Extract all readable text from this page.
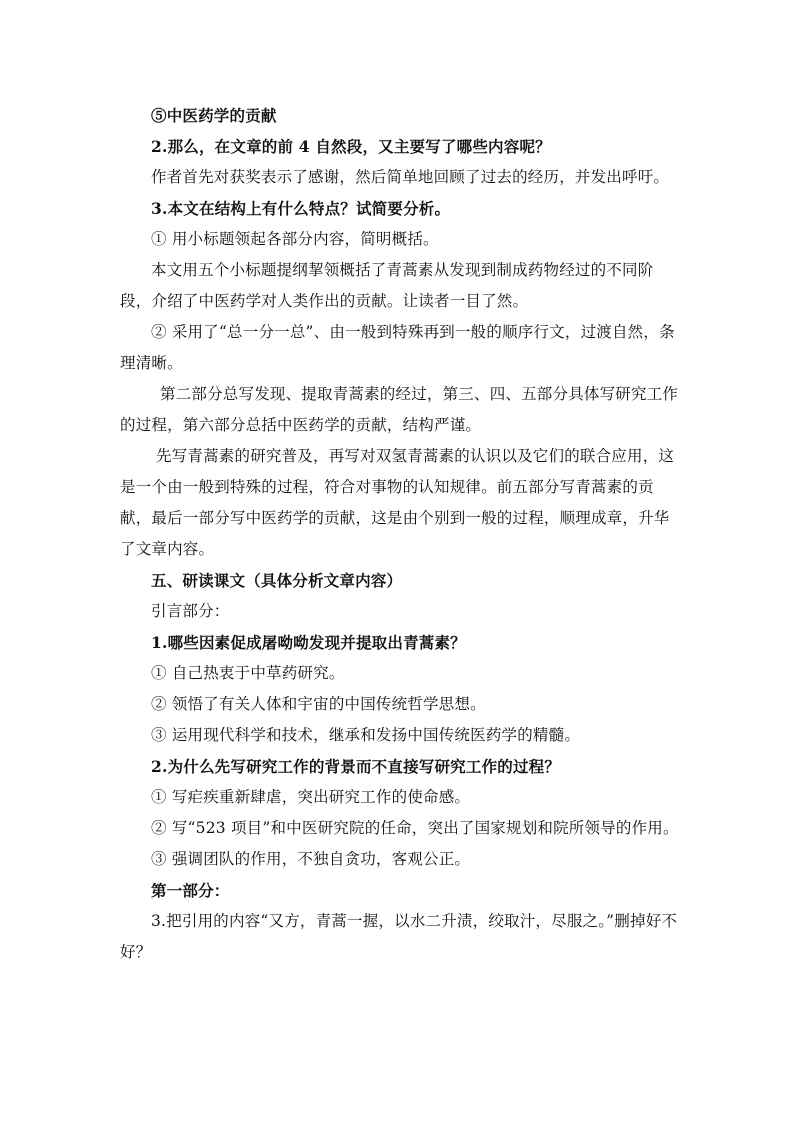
⑤中医药学的贡献

2.那么，在文章的前 4 自然段，又主要写了哪些内容呢？

作者首先对获奖表示了感谢，然后简单地回顾了过去的经历，并发出呼吁。

3.本文在结构上有什么特点？试简要分析。

① 用小标题领起各部分内容，简明概括。

本文用五个小标题提纲挈领概括了青蒿素从发现到制成药物经过的不同阶段，介绍了中医药学对人类作出的贡献。让读者一目了然。

② 采用了“总一分一总”、由一般到特殊再到一般的顺序行文，过渡自然，条理清晰。

第二部分总写发现、提取青蒿素的经过，第三、四、五部分具体写研究工作的过程，第六部分总括中医药学的贡献，结构严谨。

先写青蒿素的研究普及，再写对双氢青蒿素的认识以及它们的联合应用，这是一个由一般到特殊的过程，符合对事物的认知规律。前五部分写青蒿素的贡献，最后一部分写中医药学的贡献，这是由个别到一般的过程，顺理成章，升华了文章内容。

五、研读课文（具体分析文章内容）

引言部分：

1.哪些因素促成屠呦呦发现并提取出青蒿素？

① 自己热衷于中草药研究。

② 领悟了有关人体和宇宙的中国传统哲学思想。

③ 运用现代科学和技术，继承和发扬中国传统医药学的精髓。

2.为什么先写研究工作的背景而不直接写研究工作的过程？

① 写疟疾重新肆虐，突出研究工作的使命感。

② 写“523 项目”和中医研究院的任命，突出了国家规划和院所领导的作用。

③ 强调团队的作用，不独自贪功，客观公正。

第一部分：

3.把引用的内容“又方，青蒿一握，以水二升渍，绞取汁，尽服之。”删掉好不好？
